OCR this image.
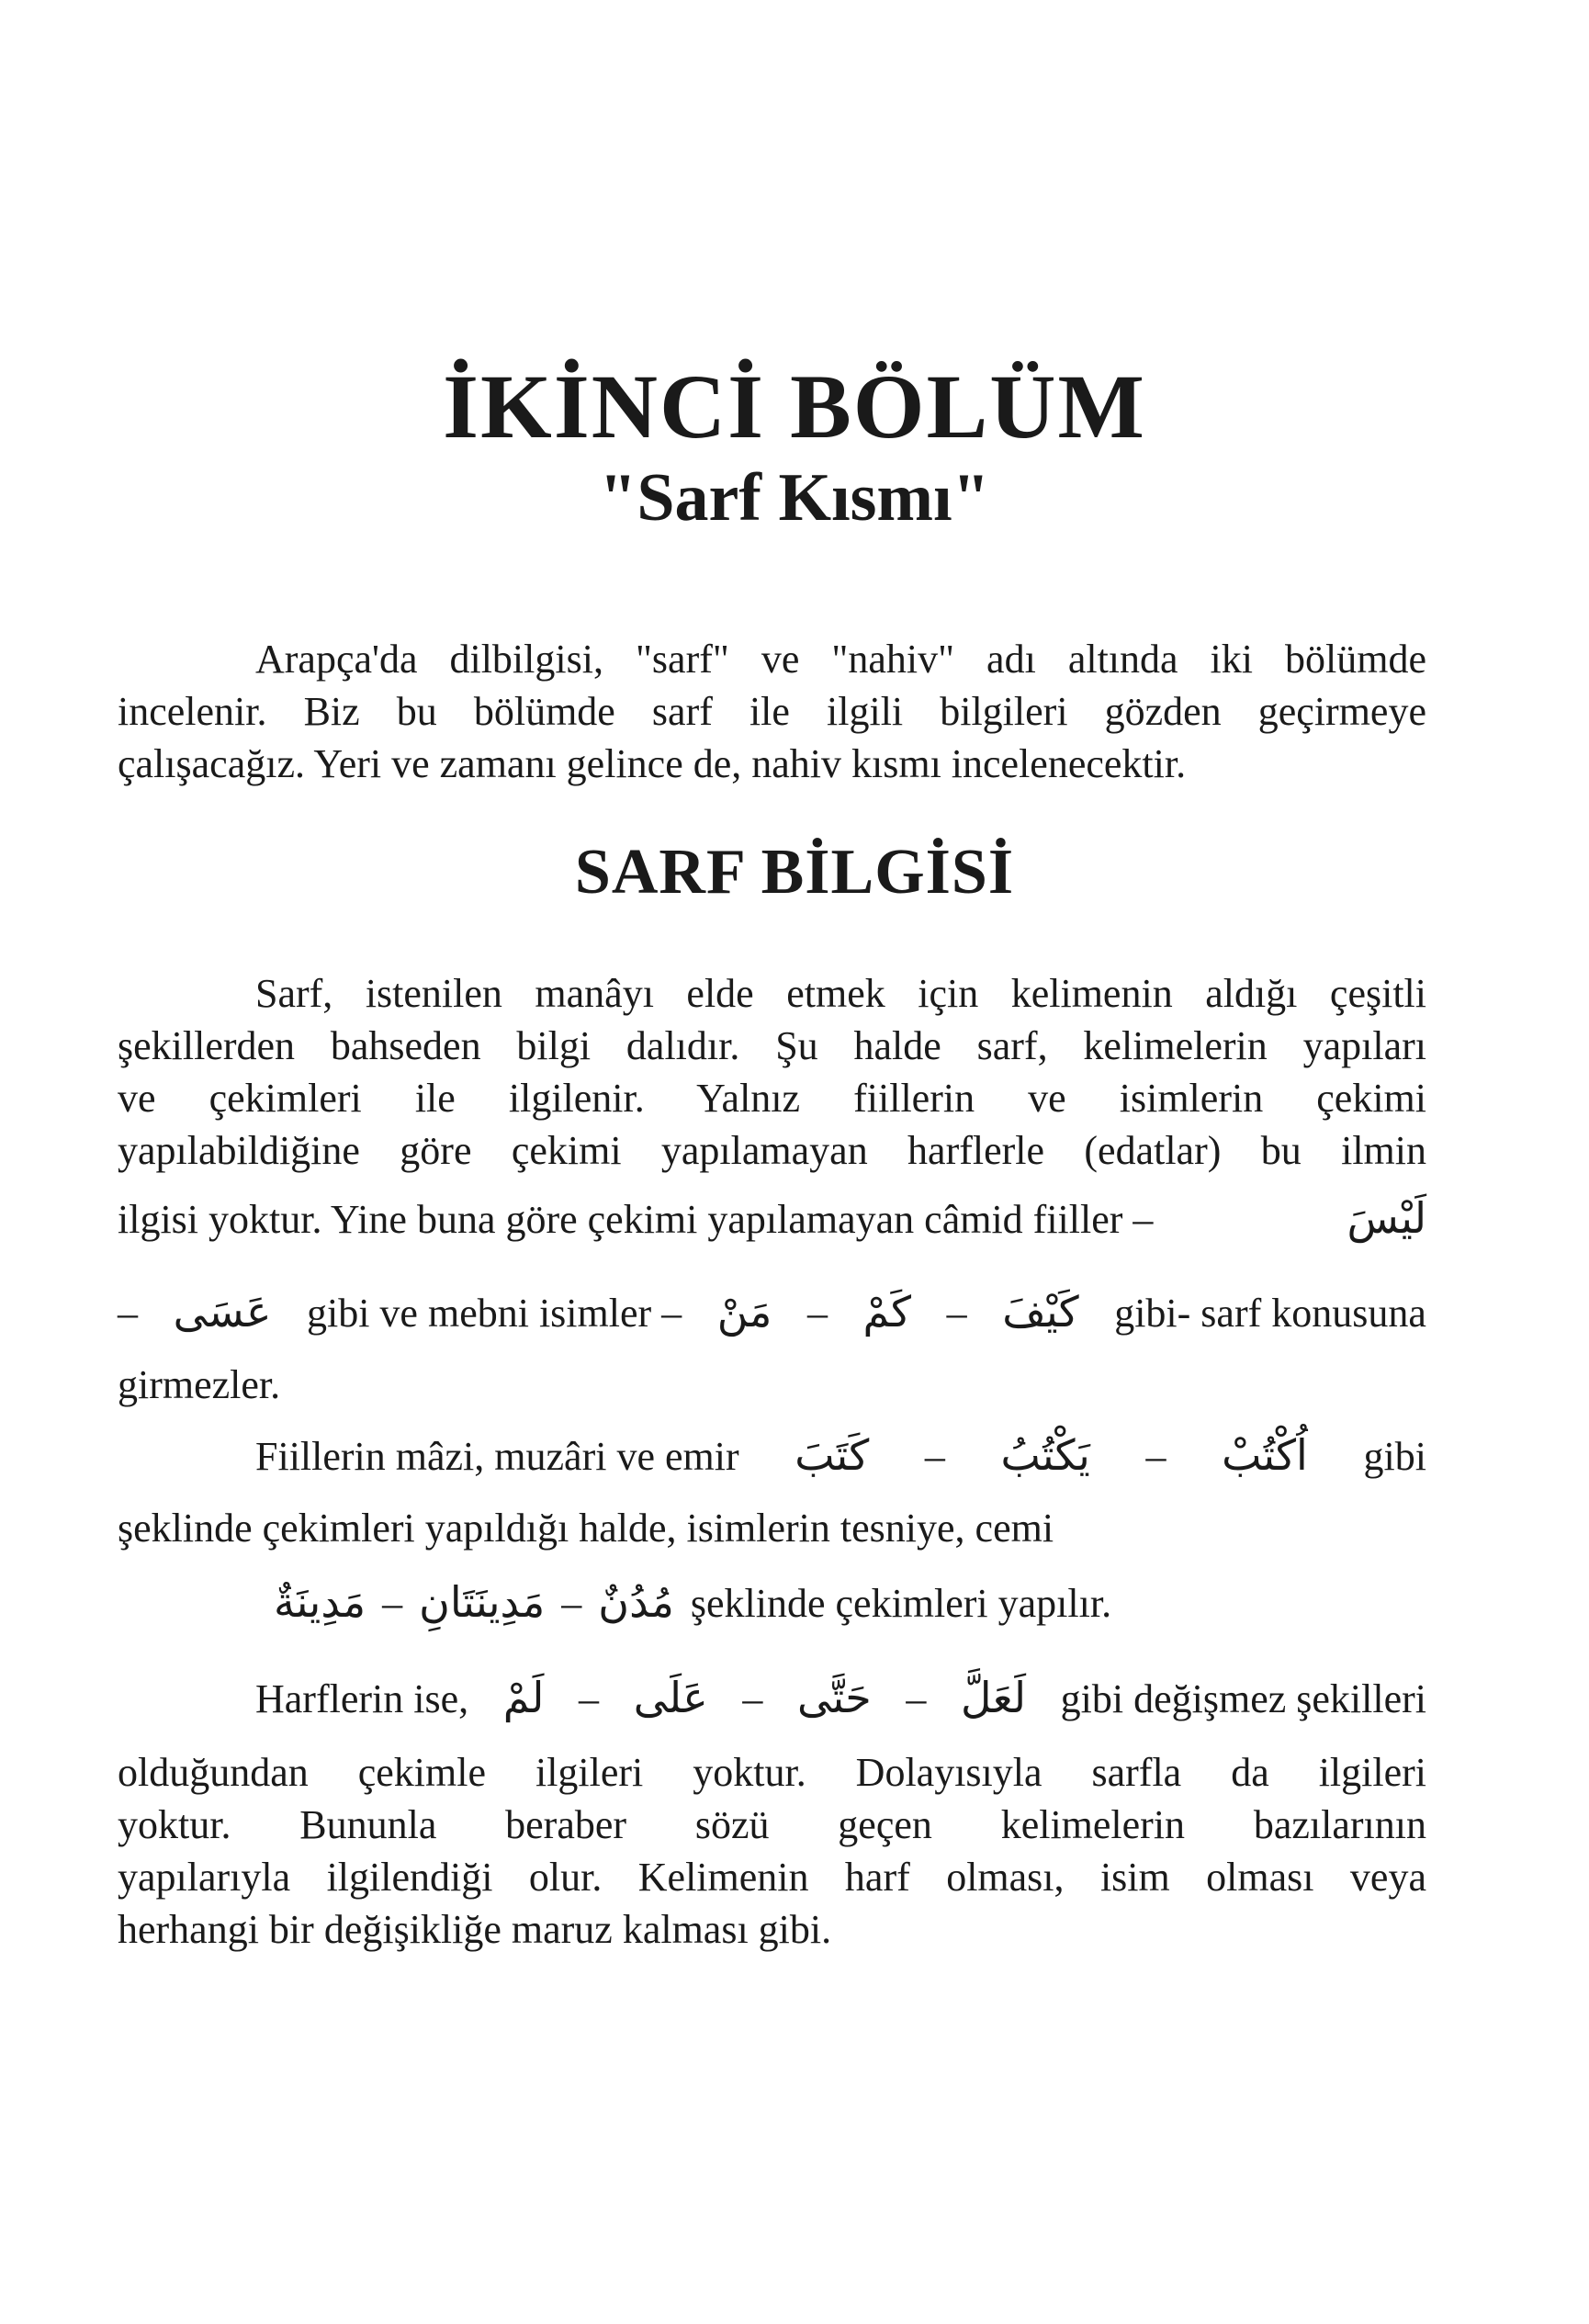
İKİNCİ BÖLÜM
"Sarf Kısmı"
Arapça'da dilbilgisi, "sarf" ve "nahiv" adı altında iki bölümde
incelenir. Biz bu bölümde sarf ile ilgili bilgileri gözden geçirmeye
çalışacağız. Yeri ve zamanı gelince de, nahiv kısmı incelenecektir.
SARF BİLGİSİ
Sarf, istenilen manâyı elde etmek için kelimenin aldığı çeşitli
şekillerden bahseden bilgi dalıdır. Şu halde sarf, kelimelerin yapıları
ve çekimleri ile ilgilenir. Yalnız fiillerin ve isimlerin çekimi
yapılabildiğine göre çekimi yapılamayan harflerle (edatlar) bu ilmin
ilgisi yoktur. Yine buna göre çekimi yapılamayan câmid fiiller –	لَيْسَ
– عَسَى gibi ve mebni isimler – مَنْ – كَمْ – كَيْفَ gibi- sarf konusuna
girmezler.
Fiillerin mâzi, muzâri ve emir كَتَبَ – يَكْتُبُ – اُكْتُبْ gibi
şeklinde çekimleri yapıldığı halde, isimlerin tesniye, cemi
مَدِينَةٌ – مَدِينَتَانِ – مُدُنٌ şeklinde çekimleri yapılır.
Harflerin ise, لَمْ – عَلَى – حَتَّى – لَعَلَّ gibi değişmez şekilleri
olduğundan çekimle ilgileri yoktur. Dolayısıyla sarfla da ilgileri
yoktur. Bununla beraber sözü geçen kelimelerin bazılarının
yapılarıyla ilgilendiği olur. Kelimenin harf olması, isim olması veya
herhangi bir değişikliğe maruz kalması gibi.
